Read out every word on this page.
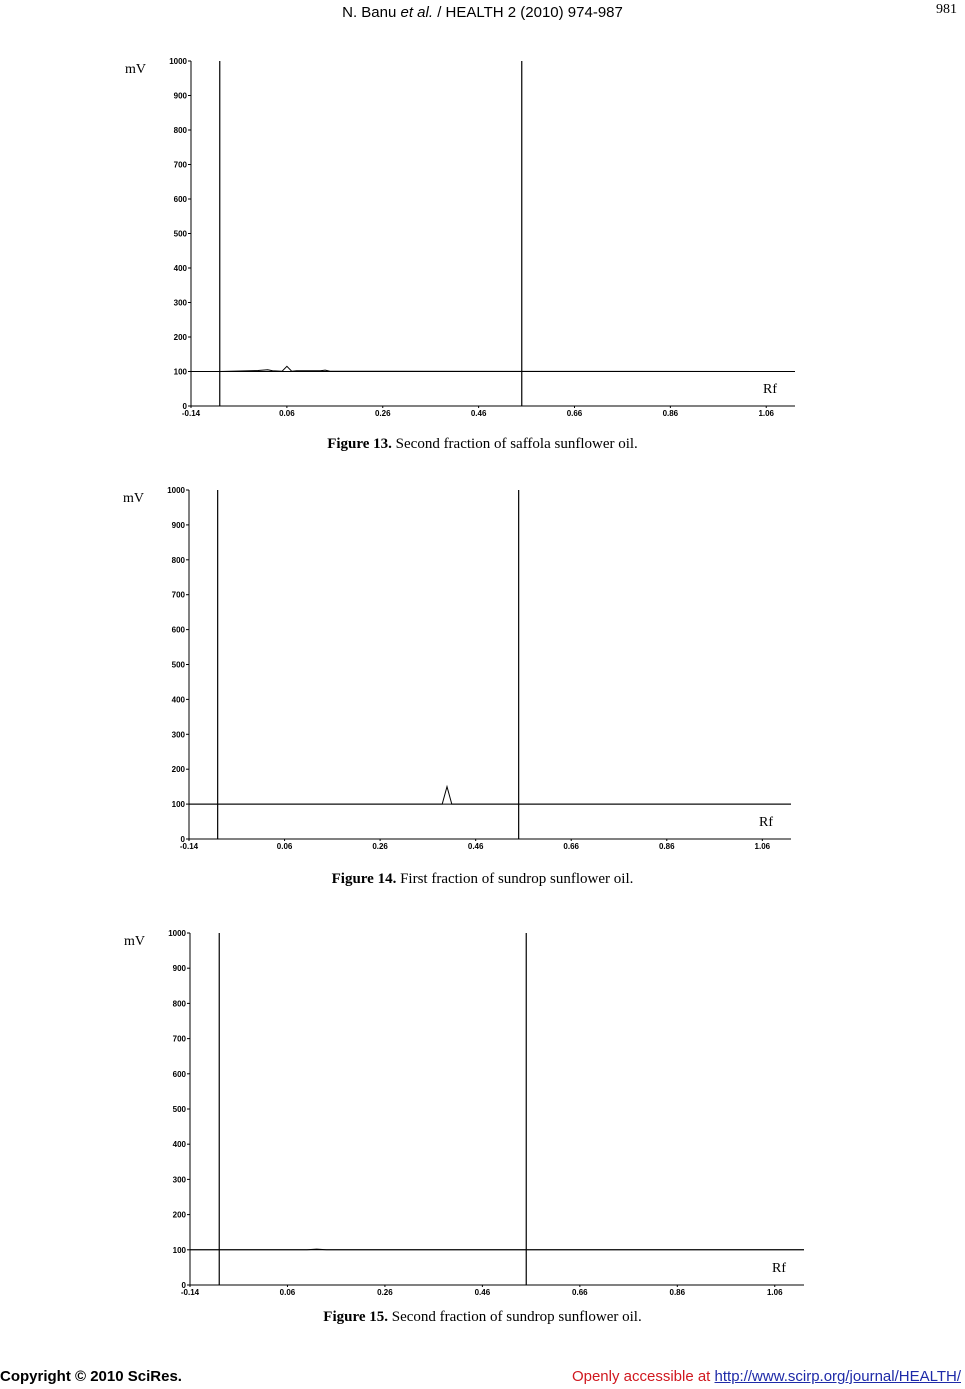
N. Banu et al. / HEALTH 2 (2010) 974-987	981
0
100
200
300
400
500
600
700
800
900
1000
-0.14	0.06	0.26	0.46	0.66	0.86	1.06
mV
Rf
Figure 13. Second fraction of saffola sunflower oil.
0
100
200
300
400
500
600
700
800
900
1000
-0.14	0.06	0.26	0.46	0.66	0.86	1.06
mV
Rf
Figure 14. First fraction of sundrop sunflower oil.
0
100
200
300
400
500
600
700
800
900
1000
-0.14	0.06	0.26	0.46	0.66	0.86	1.06
mV
Rf
Figure 15. Second fraction of sundrop sunflower oil.
Copyright © 2010 SciRes.	Openly accessible at http://www.scirp.org/journal/HEALTH/
